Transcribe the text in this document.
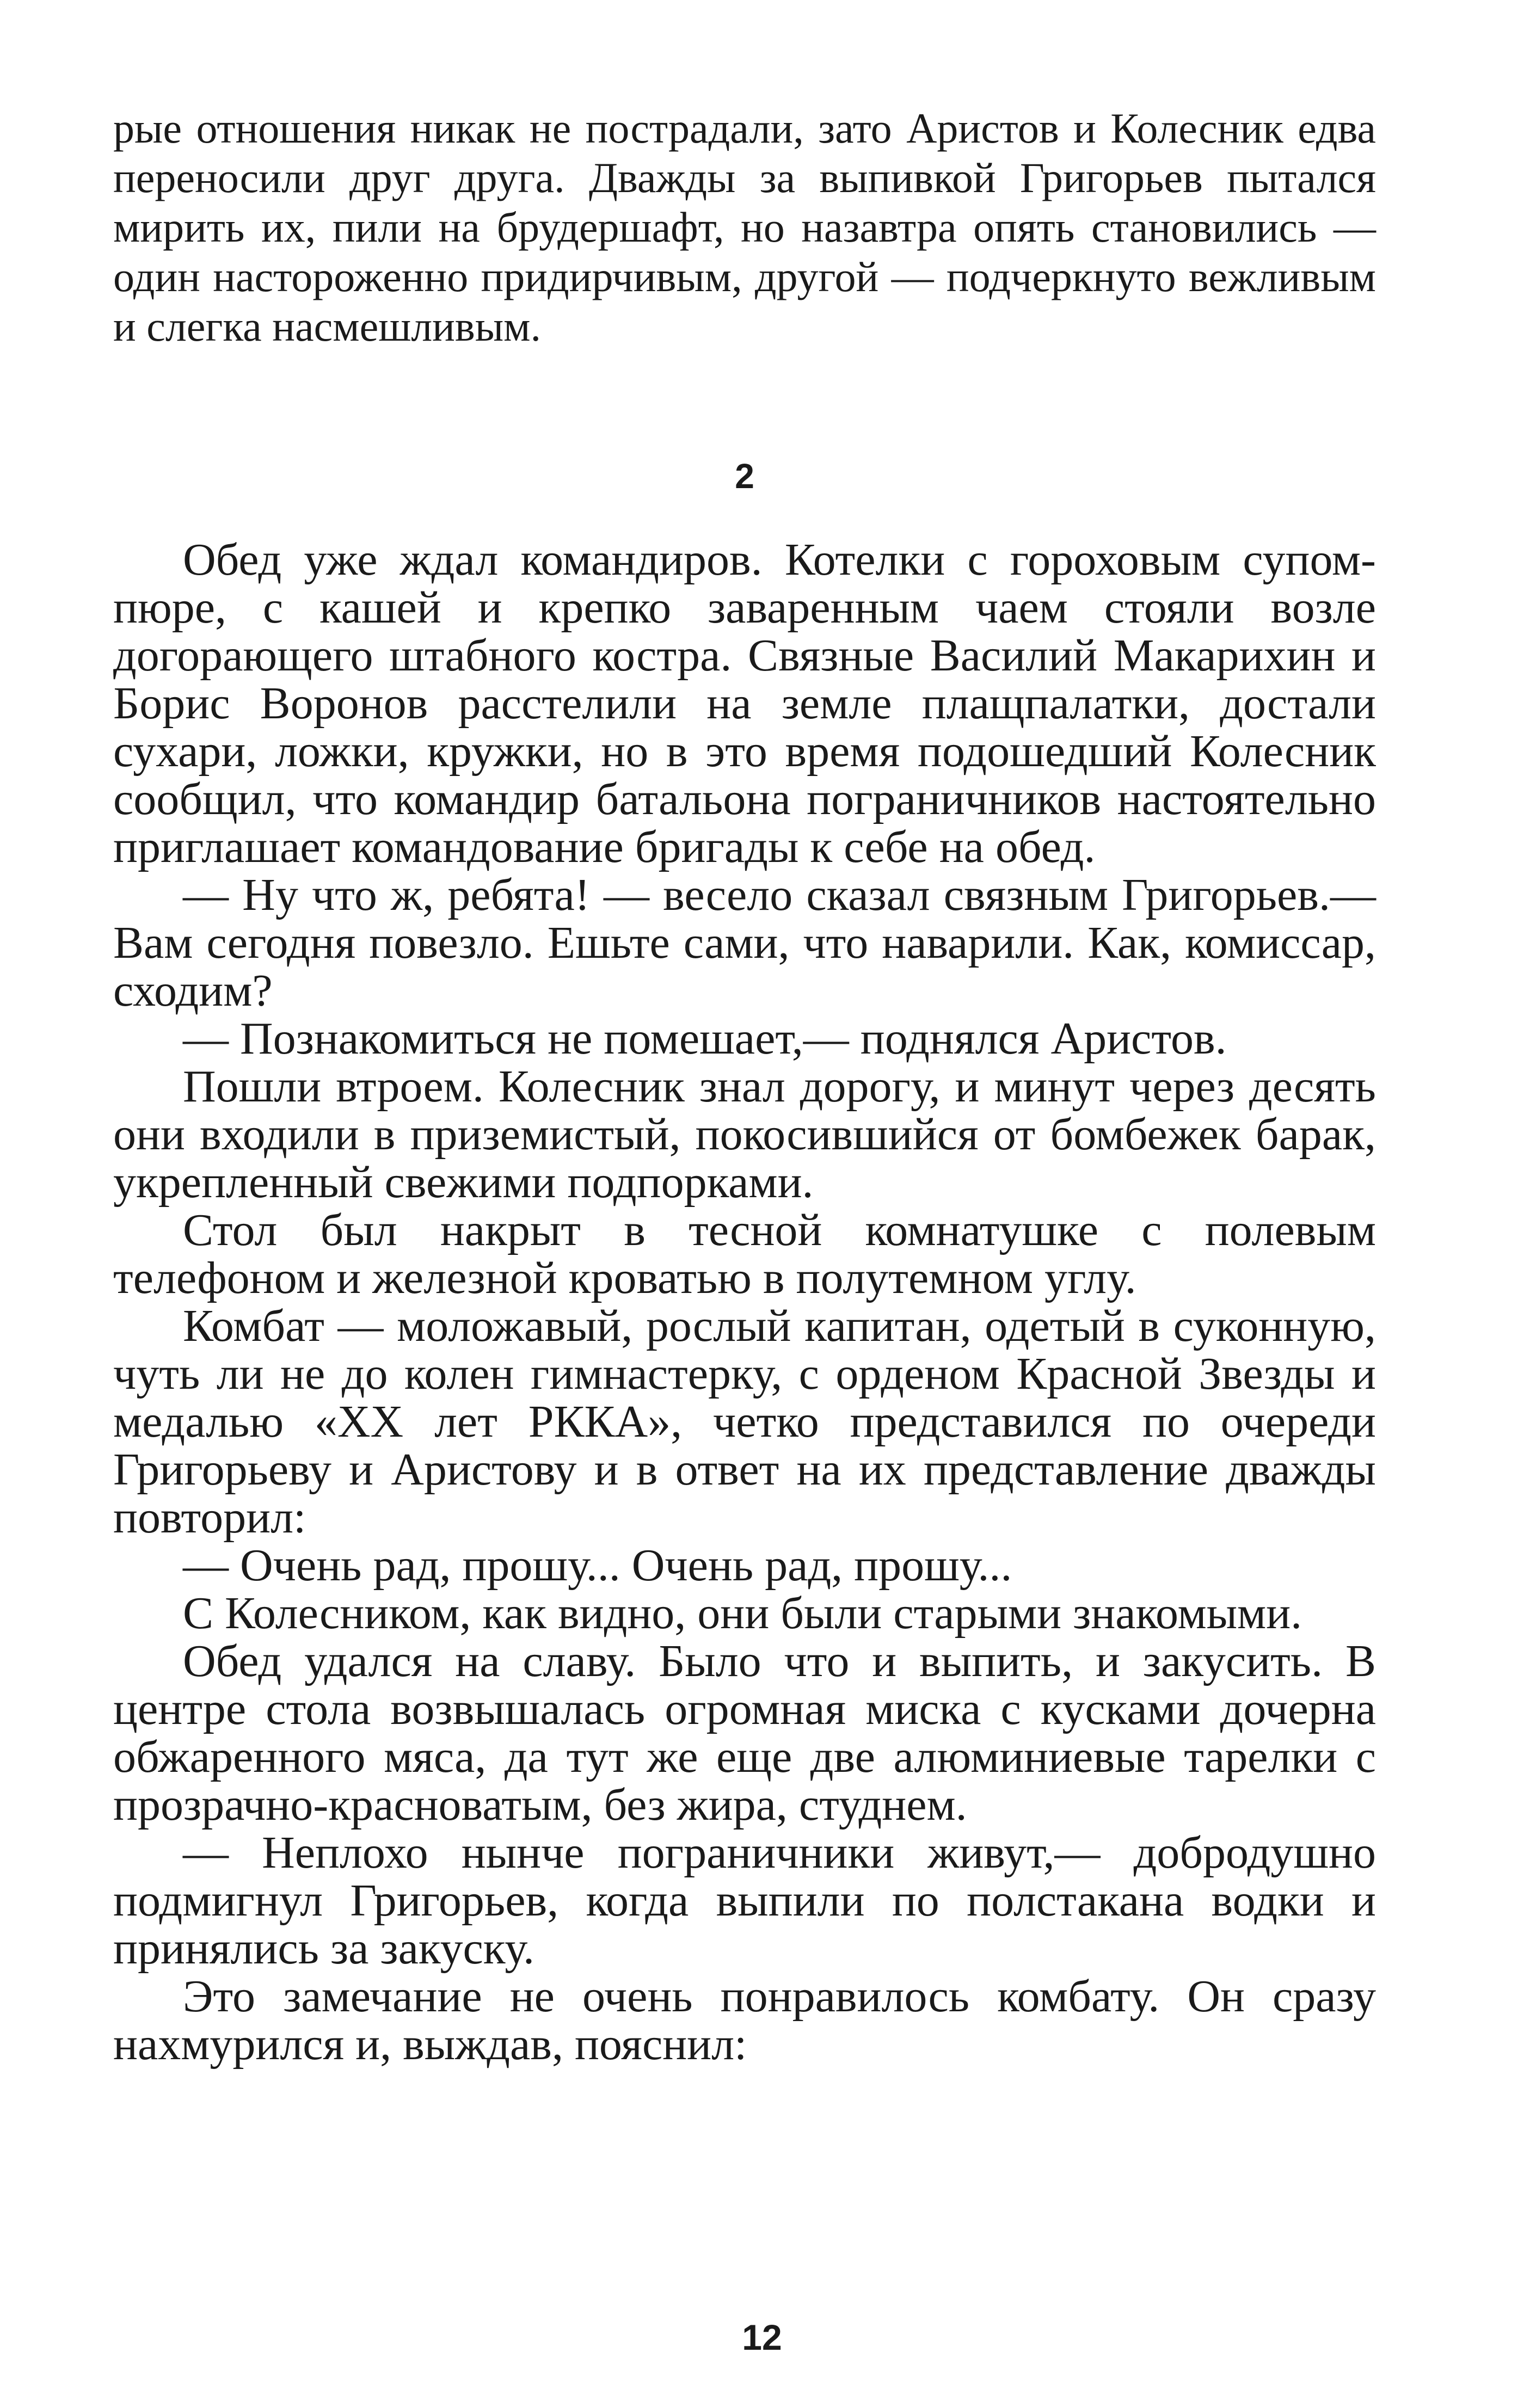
рые отношения никак не пострадали, зато Аристов и Колесник едва переносили друг друга. Дважды за выпивкой Григорьев пытался мирить их, пили на брудершафт, но назавтра опять становились — один настороженно придирчивым, другой — подчеркнуто вежливым и слегка насмешливым.

2

Обед уже ждал командиров. Котелки с гороховым супом-пюре, с кашей и крепко заваренным чаем стояли возле догорающего штабного костра. Связные Василий Макарихин и Борис Воронов расстелили на земле плащпалатки, достали сухари, ложки, кружки, но в это время подошедший Колесник сообщил, что командир батальона пограничников настоятельно приглашает командование бригады к себе на обед.

— Ну что ж, ребята! — весело сказал связным Григорьев.— Вам сегодня повезло. Ешьте сами, что наварили. Как, комиссар, сходим?

— Познакомиться не помешает,— поднялся Аристов.

Пошли втроем. Колесник знал дорогу, и минут через десять они входили в приземистый, покосившийся от бомбежек барак, укрепленный свежими подпорками.

Стол был накрыт в тесной комнатушке с полевым телефоном и железной кроватью в полутемном углу.

Комбат — моложавый, рослый капитан, одетый в суконную, чуть ли не до колен гимнастерку, с орденом Красной Звезды и медалью «XX лет РККА», четко представился по очереди Григорьеву и Аристову и в ответ на их представление дважды повторил:

— Очень рад, прошу... Очень рад, прошу...

С Колесником, как видно, они были старыми знакомыми.

Обед удался на славу. Было что и выпить, и закусить. В центре стола возвышалась огромная миска с кусками дочерна обжаренного мяса, да тут же еще две алюминиевые тарелки с прозрачно-красноватым, без жира, студнем.

— Неплохо нынче пограничники живут,— добродушно подмигнул Григорьев, когда выпили по полстакана водки и принялись за закуску.

Это замечание не очень понравилось комбату. Он сразу нахмурился и, выждав, пояснил:

12
